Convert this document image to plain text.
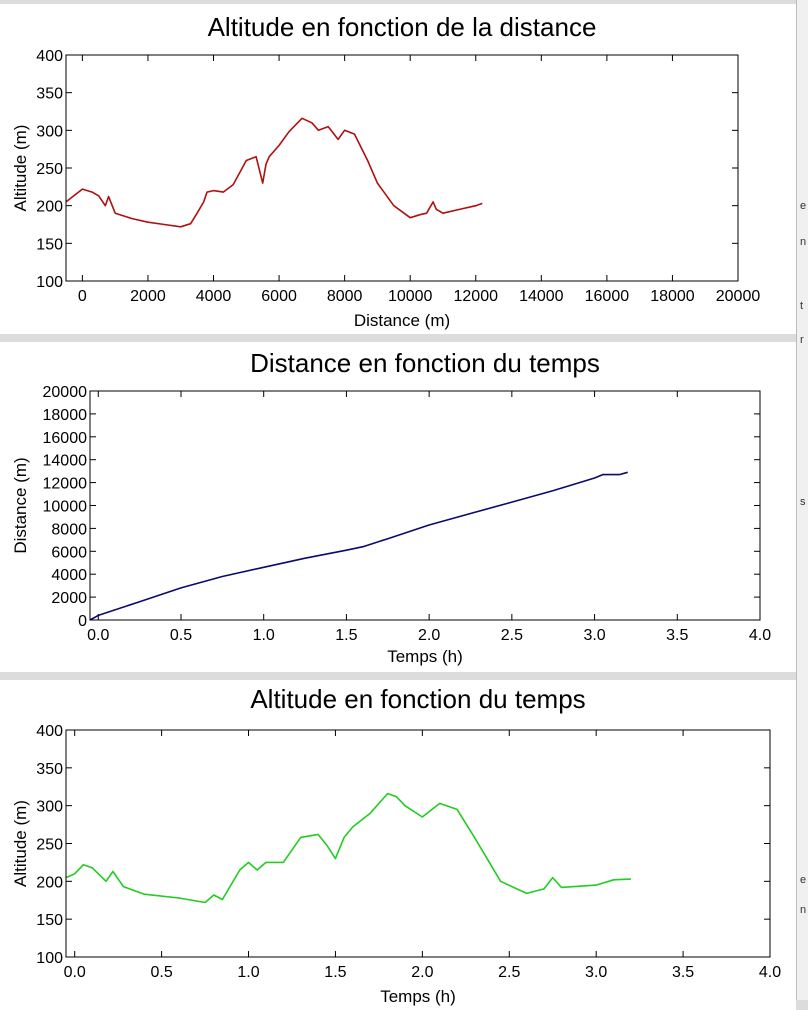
Altitude en fonction de la distance
0	2000 4000 6000 8000 10000 12000 14000 16000 18000 20000
100
150
200
250
300
350
400
Distance (m)
Altitude (m)
Distance en fonction du temps
0.0	0.5	1.0	1.5	2.0	2.5	3.0	3.5	4.0
0
2000
4000
6000
8000
10000
12000
14000
16000
18000
20000
Temps (h)
Distance (m)
Altitude en fonction du temps
0.0	0.5	1.0	1.5	2.0	2.5	3.0	3.5	4.0
100
150
200
250
300
350
400
Temps (h)
Altitude (m)
e
n
t
r
s
e
n
